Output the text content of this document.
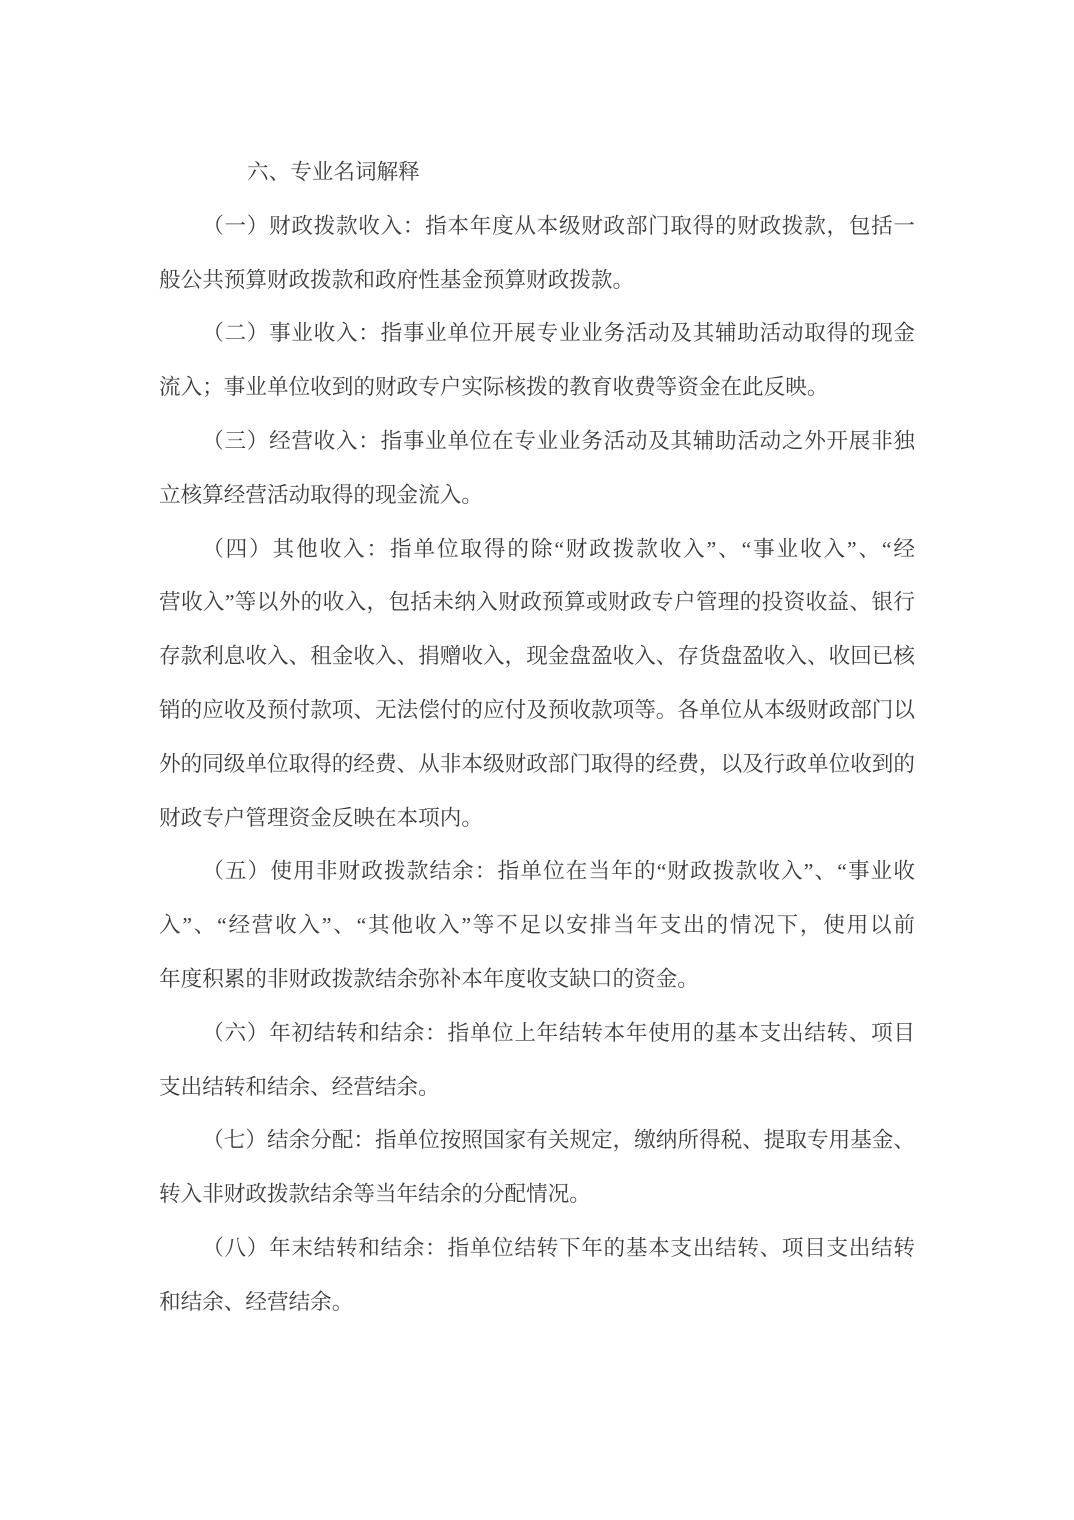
六、专业名词解释
（一）财政拨款收入：指本年度从本级财政部门取得的财政拨款，包括一
般公共预算财政拨款和政府性基金预算财政拨款。
（二）事业收入：指事业单位开展专业业务活动及其辅助活动取得的现金
流入；事业单位收到的财政专户实际核拨的教育收费等资金在此反映。
（三）经营收入：指事业单位在专业业务活动及其辅助活动之外开展非独
立核算经营活动取得的现金流入。
（四）其他收入：指单位取得的除“财政拨款收入”、“事业收入”、“经
营收入”等以外的收入，包括未纳入财政预算或财政专户管理的投资收益、银行
存款利息收入、租金收入、捐赠收入，现金盘盈收入、存货盘盈收入、收回已核
销的应收及预付款项、无法偿付的应付及预收款项等。各单位从本级财政部门以
外的同级单位取得的经费、从非本级财政部门取得的经费，以及行政单位收到的
财政专户管理资金反映在本项内。
（五）使用非财政拨款结余：指单位在当年的“财政拨款收入”、“事业收
入”、“经营收入”、“其他收入”等不足以安排当年支出的情况下，使用以前
年度积累的非财政拨款结余弥补本年度收支缺口的资金。
（六）年初结转和结余：指单位上年结转本年使用的基本支出结转、项目
支出结转和结余、经营结余。
（七）结余分配：指单位按照国家有关规定，缴纳所得税、提取专用基金、
转入非财政拨款结余等当年结余的分配情况。
（八）年末结转和结余：指单位结转下年的基本支出结转、项目支出结转
和结余、经营结余。
